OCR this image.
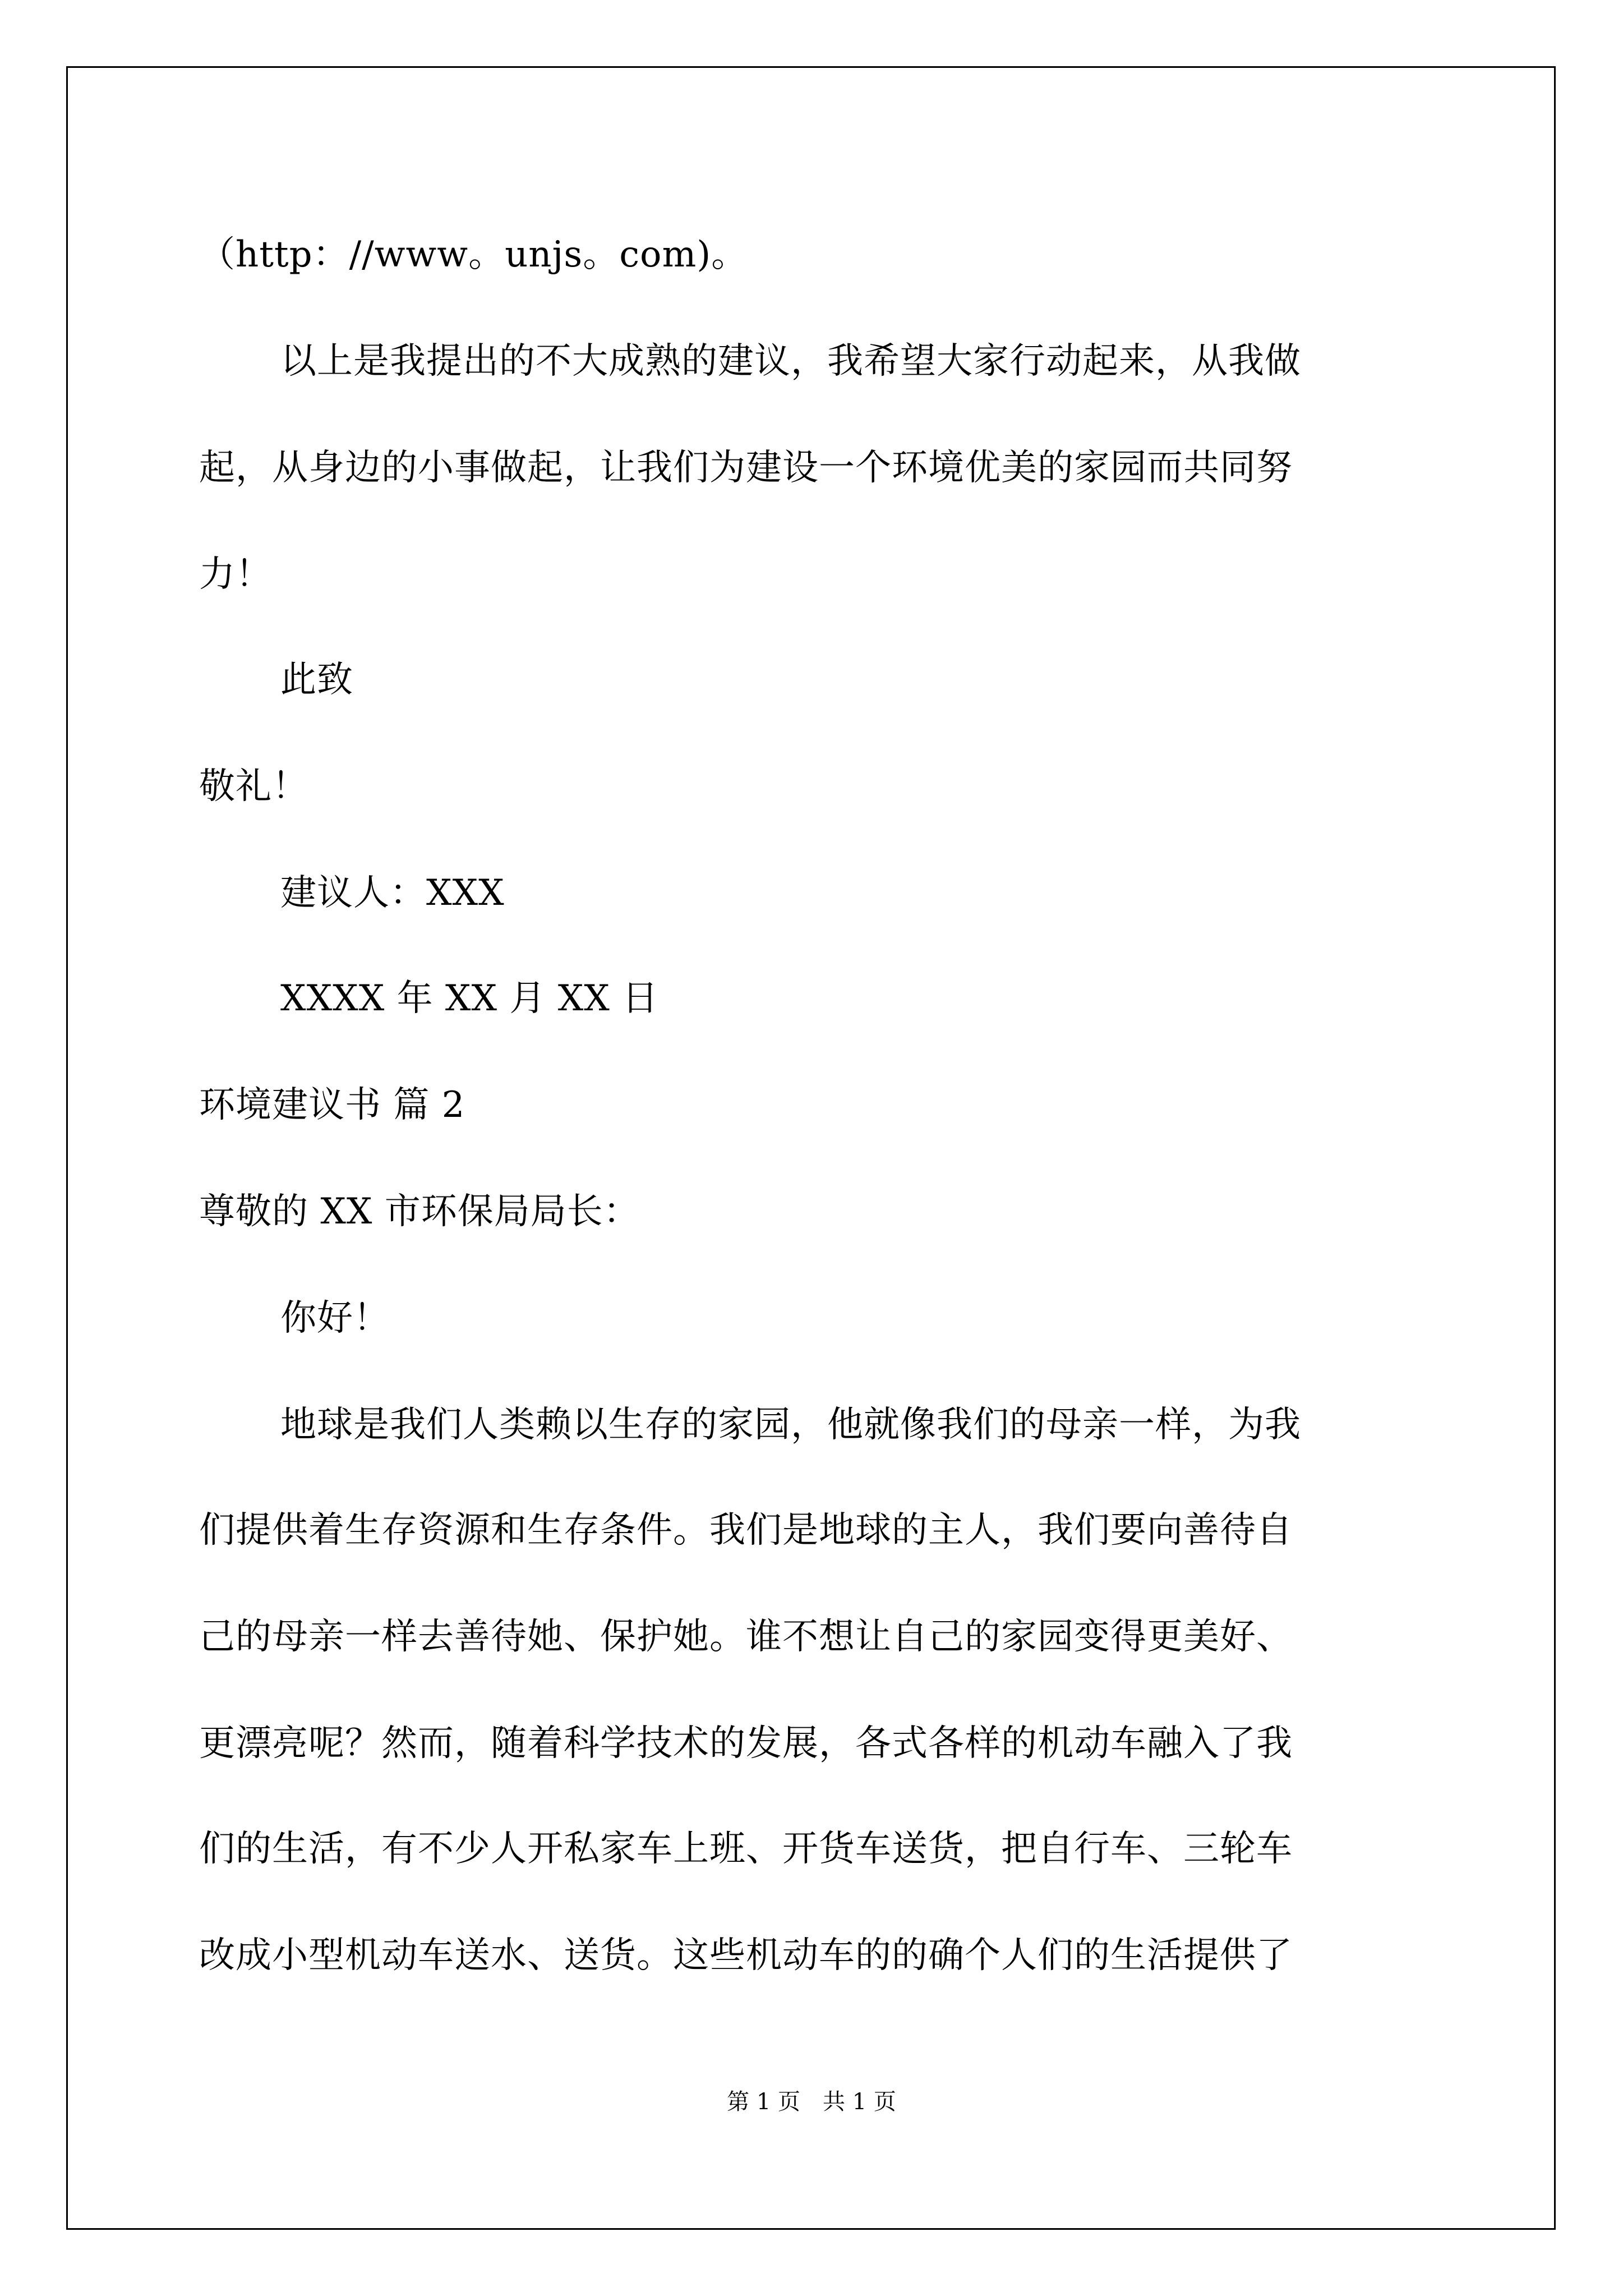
（http：//www。unjs。com)。
以上是我提出的不大成熟的建议，我希望大家行动起来，从我做
起，从身边的小事做起，让我们为建设一个环境优美的家园而共同努
力！
此致
敬礼！
建议人：XXX
XXXX 年 XX 月 XX 日
环境建议书 篇 2
尊敬的 XX 市环保局局长：
你好！
地球是我们人类赖以生存的家园，他就像我们的母亲一样，为我
们提供着生存资源和生存条件。我们是地球的主人，我们要向善待自
己的母亲一样去善待她、保护她。谁不想让自己的家园变得更美好、
更漂亮呢？然而，随着科学技术的发展，各式各样的机动车融入了我
们的生活，有不少人开私家车上班、开货车送货，把自行车、三轮车
改成小型机动车送水、送货。这些机动车的的确个人们的生活提供了
第 1 页　共 1 页
